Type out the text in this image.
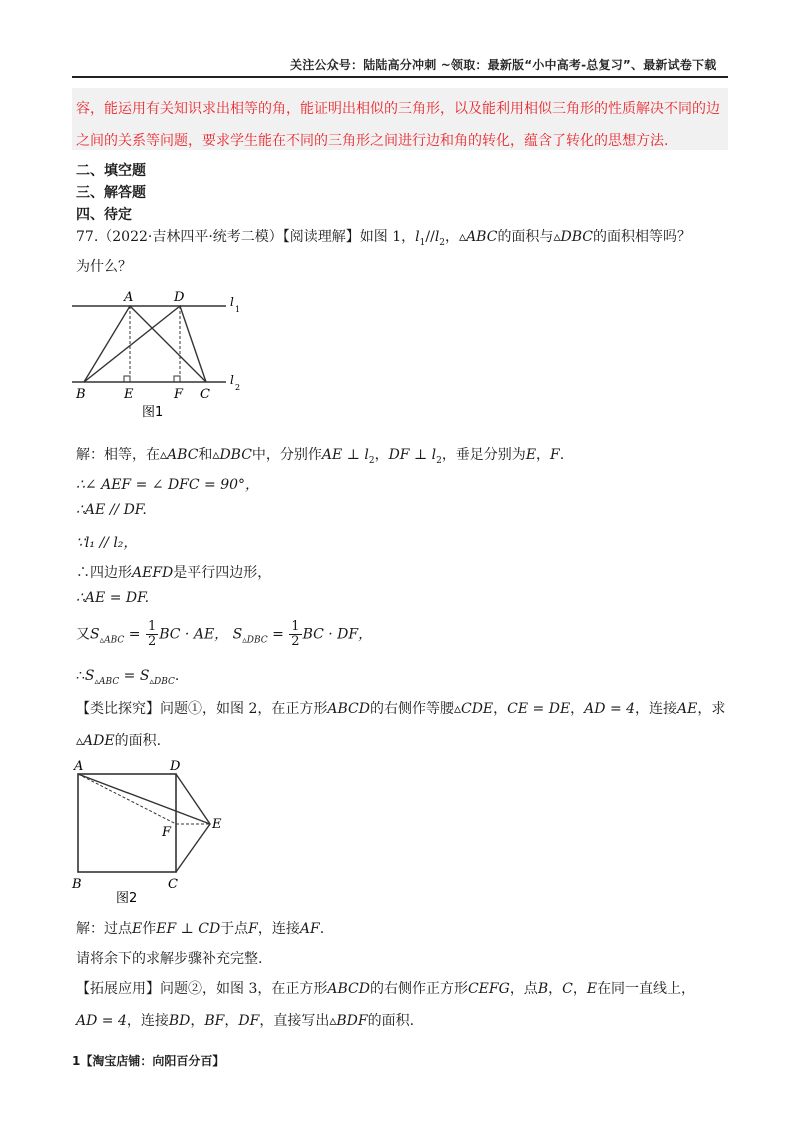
关注公众号：陆陆高分冲刺 ~领取：最新版“小中高考-总复习”、最新试卷下载

容，能运用有关知识求出相等的角，能证明出相似的三角形，以及能利用相似三角形的性质解决不同的边

之间的关系等问题，要求学生能在不同的三角形之间进行边和角的转化，蕴含了转化的思想方法.

二、填空题
三、解答题
四、待定
77.（2022·吉林四平·统考二模）【阅读理解】如图 1，$l_1//l_2$，▵ABC的面积与▵DBC的面积相等吗？
为什么？
A	D
B	E	F C
l
1
l
2
图1
解：相等，在▵ABC和▵DBC中，分别作AE ⊥ $l_2$，DF ⊥ $l_2$，垂足分别为E，F.
∴∠ AEF = ∠ DFC = 90°，
∴AE // DF.
∵l₁ // l₂，
∴四边形AEFD是平行四边形，
∴AE = DF.
又$S_{▵ABC} = \frac{1}{2}$ BC · AE， $S_{▵DBC} = \frac{1}{2}$ BC · DF，
$\therefore S_{▵ABC} = S_{▵DBC}$.
【类比探究】问题①，如图 2，在正方形ABCD的右侧作等腰▵CDE，CE = DE，AD = 4，连接AE，求
▵ADE的面积.
A	D
F
E
B	C
图2
解：过点E作EF ⊥ CD于点F，连接AF.
请将余下的求解步骤补充完整.
【拓展应用】问题②，如图 3，在正方形ABCD的右侧作正方形CEFG，点B，C，E在同一直线上，
AD = 4，连接BD，BF，DF，直接写出▵BDF的面积.
1【淘宝店铺：向阳百分百】
